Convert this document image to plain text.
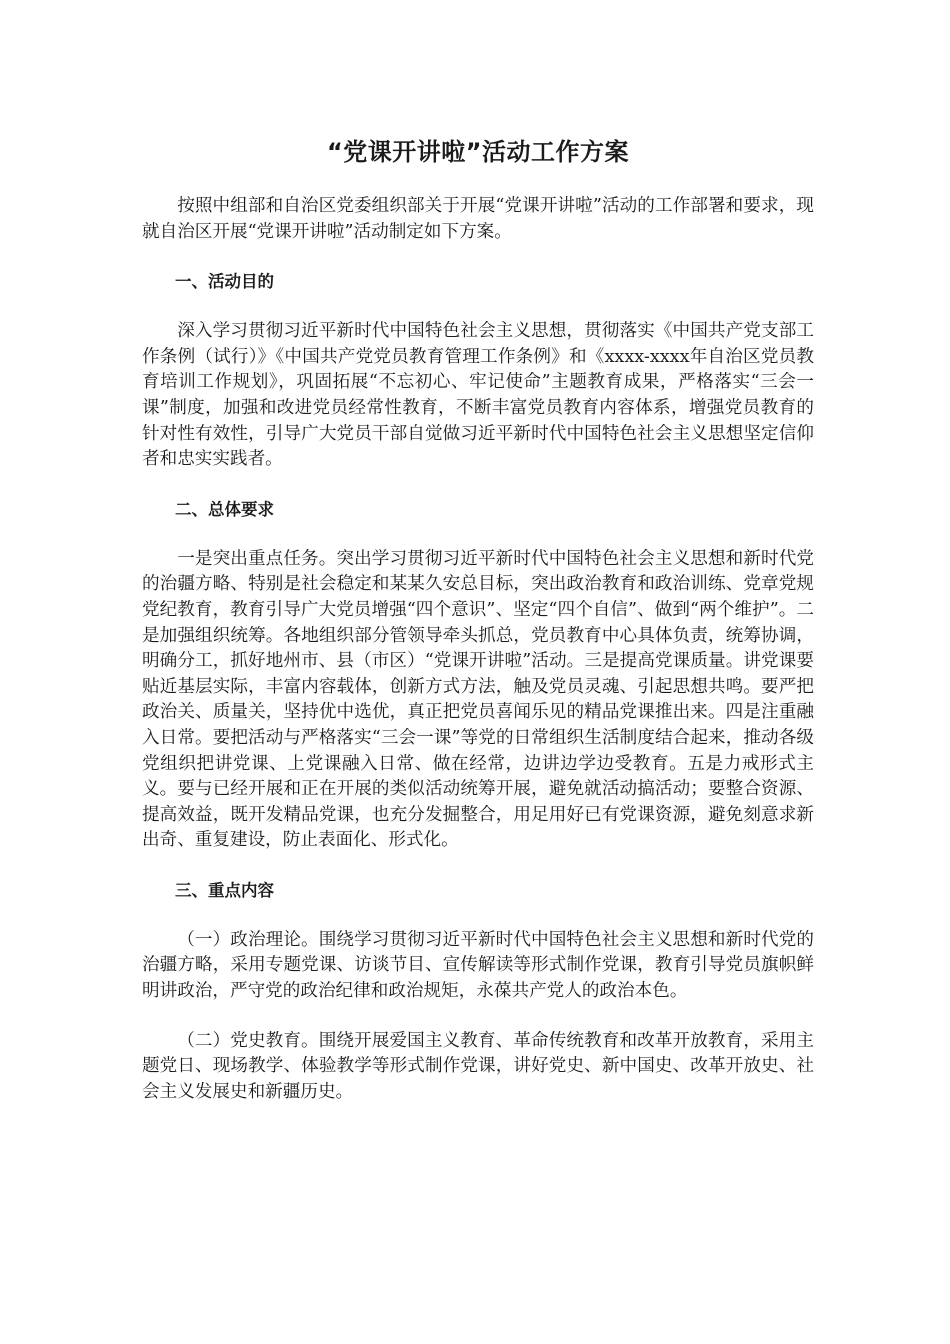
“党课开讲啦”活动工作方案

按照中组部和自治区党委组织部关于开展“党课开讲啦”活动的工作部署和要求，现就自治区开展“党课开讲啦”活动制定如下方案。

一、活动目的

深入学习贯彻习近平新时代中国特色社会主义思想，贯彻落实《中国共产党支部工作条例（试行）》《中国共产党党员教育管理工作条例》和《xxxx-xxxx年自治区党员教育培训工作规划》，巩固拓展“不忘初心、牢记使命”主题教育成果，严格落实“三会一课”制度，加强和改进党员经常性教育，不断丰富党员教育内容体系，增强党员教育的针对性有效性，引导广大党员干部自觉做习近平新时代中国特色社会主义思想坚定信仰者和忠实实践者。

二、总体要求

一是突出重点任务。突出学习贯彻习近平新时代中国特色社会主义思想和新时代党的治疆方略、特别是社会稳定和某某久安总目标，突出政治教育和政治训练、党章党规党纪教育，教育引导广大党员增强“四个意识”、坚定“四个自信”、做到“两个维护”。二是加强组织统筹。各地组织部分管领导牵头抓总，党员教育中心具体负责，统筹协调，明确分工，抓好地州市、县（市区）“党课开讲啦”活动。三是提高党课质量。讲党课要贴近基层实际，丰富内容载体，创新方式方法，触及党员灵魂、引起思想共鸣。要严把政治关、质量关，坚持优中选优，真正把党员喜闻乐见的精品党课推出来。四是注重融入日常。要把活动与严格落实“三会一课”等党的日常组织生活制度结合起来，推动各级党组织把讲党课、上党课融入日常、做在经常，边讲边学边受教育。五是力戒形式主义。要与已经开展和正在开展的类似活动统筹开展，避免就活动搞活动；要整合资源、提高效益，既开发精品党课，也充分发掘整合，用足用好已有党课资源，避免刻意求新出奇、重复建设，防止表面化、形式化。

三、重点内容

（一）政治理论。围绕学习贯彻习近平新时代中国特色社会主义思想和新时代党的治疆方略，采用专题党课、访谈节目、宣传解读等形式制作党课，教育引导党员旗帜鲜明讲政治，严守党的政治纪律和政治规矩，永葆共产党人的政治本色。

（二）党史教育。围绕开展爱国主义教育、革命传统教育和改革开放教育，采用主题党日、现场教学、体验教学等形式制作党课，讲好党史、新中国史、改革开放史、社会主义发展史和新疆历史。
